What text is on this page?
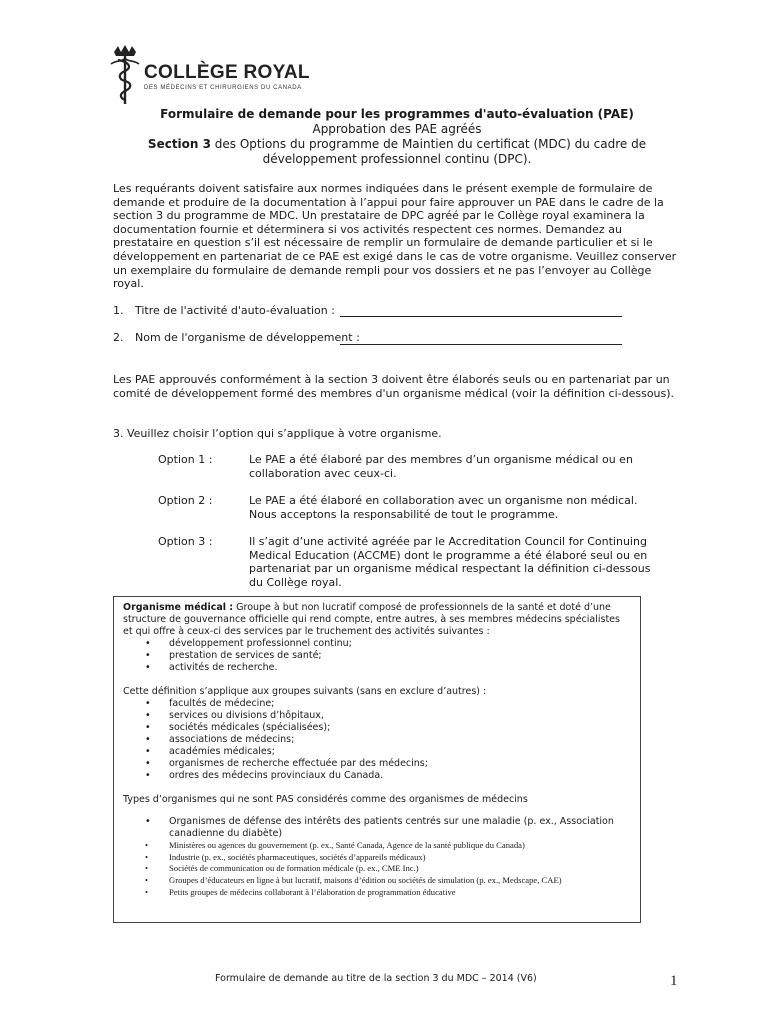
COLLÈGE ROYAL
DES MÉDECINS ET CHIRURGIENS DU CANADA
Formulaire de demande pour les programmes d'auto-évaluation (PAE)
Approbation des PAE agréés
Section 3 des Options du programme de Maintien du certificat (MDC) du cadre de développement professionnel continu (DPC).
Les requérants doivent satisfaire aux normes indiquées dans le présent exemple de formulaire de demande et produire de la documentation à l’appui pour faire approuver un PAE dans le cadre de la section 3 du programme de MDC. Un prestataire de DPC agréé par le Collège royal examinera la documentation fournie et déterminera si vos activités respectent ces normes. Demandez au prestataire en question s’il est nécessaire de remplir un formulaire de demande particulier et si le développement en partenariat de ce PAE est exigé dans le cas de votre organisme. Veuillez conserver un exemplaire du formulaire de demande rempli pour vos dossiers et ne pas l’envoyer au Collège royal.
1. Titre de l'activité d'auto-évaluation :
2. Nom de l'organisme de développement :
Les PAE approuvés conformément à la section 3 doivent être élaborés seuls ou en partenariat par un comité de développement formé des membres d'un organisme médical (voir la définition ci-dessous).
3. Veuillez choisir l’option qui s’applique à votre organisme.
Option 1 :	Le PAE a été élaboré par des membres d’un organisme médical ou en collaboration avec ceux-ci.
Option 2 :	Le PAE a été élaboré en collaboration avec un organisme non médical. Nous acceptons la responsabilité de tout le programme.
Option 3 :	Il s’agit d’une activité agréée par le Accreditation Council for Continuing Medical Education (ACCME) dont le programme a été élaboré seul ou en partenariat par un organisme médical respectant la définition ci-dessous du Collège royal.
Organisme médical : Groupe à but non lucratif composé de professionnels de la santé et doté d’une structure de gouvernance officielle qui rend compte, entre autres, à ses membres médecins spécialistes et qui offre à ceux-ci des services par le truchement des activités suivantes :
• développement professionnel continu;
• prestation de services de santé;
• activités de recherche.
Cette définition s’applique aux groupes suivants (sans en exclure d’autres) :
• facultés de médecine;
• services ou divisions d’hôpitaux,
• sociétés médicales (spécialisées);
• associations de médecins;
• académies médicales;
• organismes de recherche effectuée par des médecins;
• ordres des médecins provinciaux du Canada.
Types d’organismes qui ne sont PAS considérés comme des organismes de médecins
• Organismes de défense des intérêts des patients centrés sur une maladie (p. ex., Association canadienne du diabète)
• Ministères ou agences du gouvernement (p. ex., Santé Canada, Agence de la santé publique du Canada)
• Industrie (p. ex., sociétés pharmaceutiques, sociétés d’appareils médicaux)
• Sociétés de communication ou de formation médicale (p. ex., CME Inc.)
• Groupes d’éducateurs en ligne à but lucratif, maisons d’édition ou sociétés de simulation (p. ex., Medscape, CAE)
• Petits groupes de médecins collaborant à l’élaboration de programmation éducative
Formulaire de demande au titre de la section 3 du MDC – 2014 (V6)	1
